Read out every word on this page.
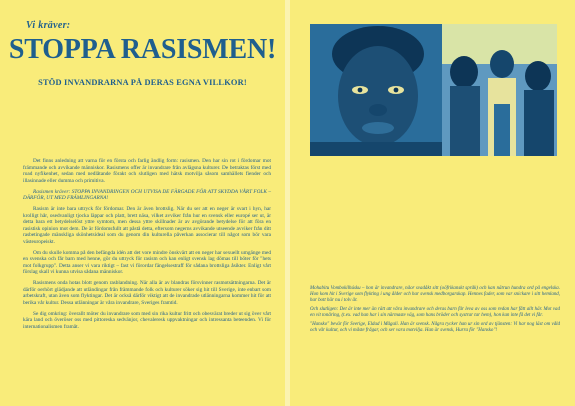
Vi kräver:
STOPPA RASISMEN!
STÖD INVANDRARNA PÅ DERAS EGNA VILLKOR!

Det finns anledning att varna för en första och farlig ändlig form: rasismen. Den har sin rot i fördomar mot främmande och avvikande människor. Rasismens offer är invandrare från avlägsna kulturer. De betraktas först med road nyfikenhet, sedan med nedlåtande förakt och slutligen med hätsk motvilja såsom samhällets fiender och illasinnade eller dumma och primitiva.

Rasismen kräver: STOPPA INVANDRINGEN OCH UTVISA DE FÄRGADE FÖR ATT SKYDDA VÅRT FOLK – DÄRFÖR, UT MED FRÄMLINGARNA!

Rasism är inte bara uttryck för fördomar. Den är även brottslig. När du ser att en neger är svart i hyn, har krolligt hår, osedvanligt tjocka läppar och platt, brett näsa, vilket avviker från hur en svensk eller europé ser ut, är detta bara ett betydelselöst yttre symtom, men dessa yttre skillnader är av avgörande betydelse för att föra en rasistisk opinion mot dem. De är fördomsfullt att påstå detta, eftersom negerns avvikande utseende avviker från ditt rasbetingade mänskliga skönhetsideal som du genom din kulturella påverkan associerar till något som bör vara västeuropeiskt.

Om du skulle komma på den befängda idén att det vore mindre önskvärt att en neger har sexuellt umgänge med en svenska och får barn med henne, gör du uttryck för rasism och kan enligt svensk lag dömas till böter för "hets mot folkgrupp". Detta anser vi vara riktigt – fast vi förordar fängelsestraff för sådana brottsliga åsikter. Enligt vårt förslag skall vi kunna utvisa sådana människor.

Rasismens onda hotas blott genom rasblandning. När alla är av blandras försvinner rasmotsättningarna. Det är därför oerhört glädjande att utländingar från främmande folk och kulturer söker sig hit till Sverige, inte enbart som arbetskraft, utan även som flyktingar. Det är också därför viktigt att de invandrade utlänningarna kommer hit för att berika vår kultur. Dessa utlänningar är våra invandrare, Sveriges framtid.

Se dig omkring: överallt möter du invandrare som med sin rika kultur fritt och obesvärat breder ut sig över vårt kära land och överöser oss med pittoreska sedvänjor, chevaleresk uppvaktningar och intressanta beteenden. Vi för internationalismen framåt.

Mohabitu Vombokilhúsku – hon är invandrare, nåor svadåkt sitt (oöfrikanskt språk) och kan nätrun hundra ord på engelska. Hon kom hit i Sverige som flykting i ung ålder och har svensk medborgarskap. Hennes fader, som var snickare i sitt hemland, har bott här nu i tolv år.

Och slutligen: Det är inte mer än rätt att våra invandrare och deras barn får leva av oss som redan har fått allt här. Mot vad en vit tonåring, (t.ex. vad han har i sin närmaste väg, som hans bröder och systrar tar hem), hon kan inte få det vi får.

"Hansko" bevär för Sverige, Eldad i Mågali. Han är svensk. Några rycker han ur sin ord av tjänsten: Vi har nog läst om våld och vår kultur, och vi måste frågar, och ser vara motvilja. Han är svensk, Hurra för "Hansko"!
